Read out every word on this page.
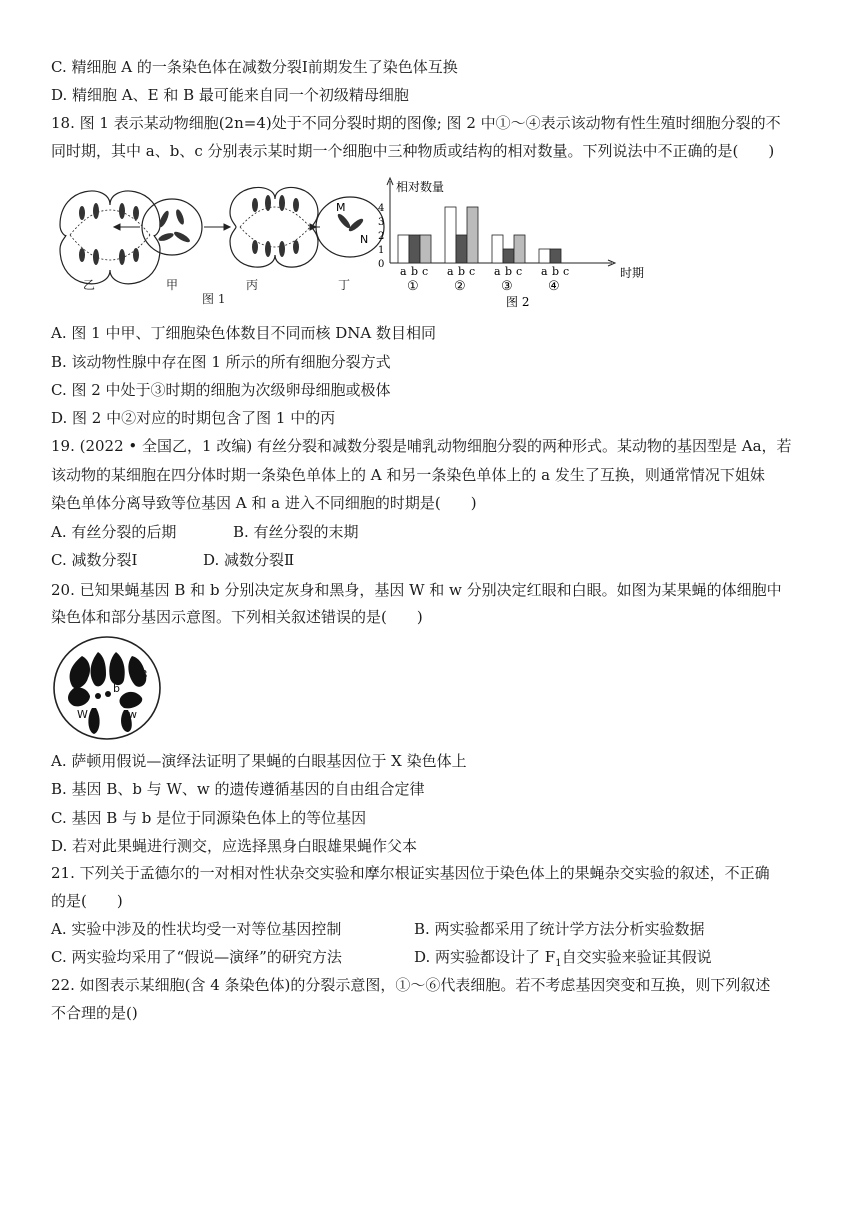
C. 精细胞 A 的一条染色体在减数分裂Ⅰ前期发生了染色体互换
D. 精细胞 A、E 和 B 最可能来自同一个初级精母细胞
18. 图 1 表示某动物细胞(2n=4)处于不同分裂时期的图像; 图 2 中①～④表示该动物有性生殖时细胞分裂的不
同时期，其中 a、b、c 分别表示某时期一个细胞中三种物质或结构的相对数量。下列说法中不正确的是(　　)
M
N
乙	甲	丙	丁
图 1
相对数量
时期
图 2
0
1
2
3
4
a b c
①
a b c
②
a b c
③
a b c
④
A. 图 1 中甲、丁细胞染色体数目不同而核 DNA 数目相同
B. 该动物性腺中存在图 1 所示的所有细胞分裂方式
C. 图 2 中处于③时期的细胞为次级卵母细胞或极体
D. 图 2 中②对应的时期包含了图 1 中的丙
19. (2022 • 全国乙，1 改编) 有丝分裂和减数分裂是哺乳动物细胞分裂的两种形式。某动物的基因型是 Aa，若
该动物的某细胞在四分体时期一条染色单体上的 A 和另一条染色单体上的 a 发生了互换，则通常情况下姐妹
染色单体分离导致等位基因 A 和 a 进入不同细胞的时期是(　　)
A. 有丝分裂的后期	B. 有丝分裂的末期
C. 减数分裂Ⅰ	D. 减数分裂Ⅱ
20. 已知果蝇基因 B 和 b 分别决定灰身和黑身，基因 W 和 w 分别决定红眼和白眼。如图为某果蝇的体细胞中
染色体和部分基因示意图。下列相关叙述错误的是(　　)
B
b
W	w
A. 萨顿用假说—演绎法证明了果蝇的白眼基因位于 X 染色体上
B. 基因 B、b 与 W、w 的遗传遵循基因的自由组合定律
C. 基因 B 与 b 是位于同源染色体上的等位基因
D. 若对此果蝇进行测交，应选择黑身白眼雄果蝇作父本
21. 下列关于孟德尔的一对相对性状杂交实验和摩尔根证实基因位于染色体上的果蝇杂交实验的叙述，不正确
的是(　　)
A. 实验中涉及的性状均受一对等位基因控制	B. 两实验都采用了统计学方法分析实验数据
C. 两实验均采用了“假说—演绎”的研究方法	D. 两实验都设计了 $F_1$自交实验来验证其假说
22. 如图表示某细胞(含 4 条染色体)的分裂示意图，①～⑥代表细胞。若不考虑基因突变和互换，则下列叙述
不合理的是()
